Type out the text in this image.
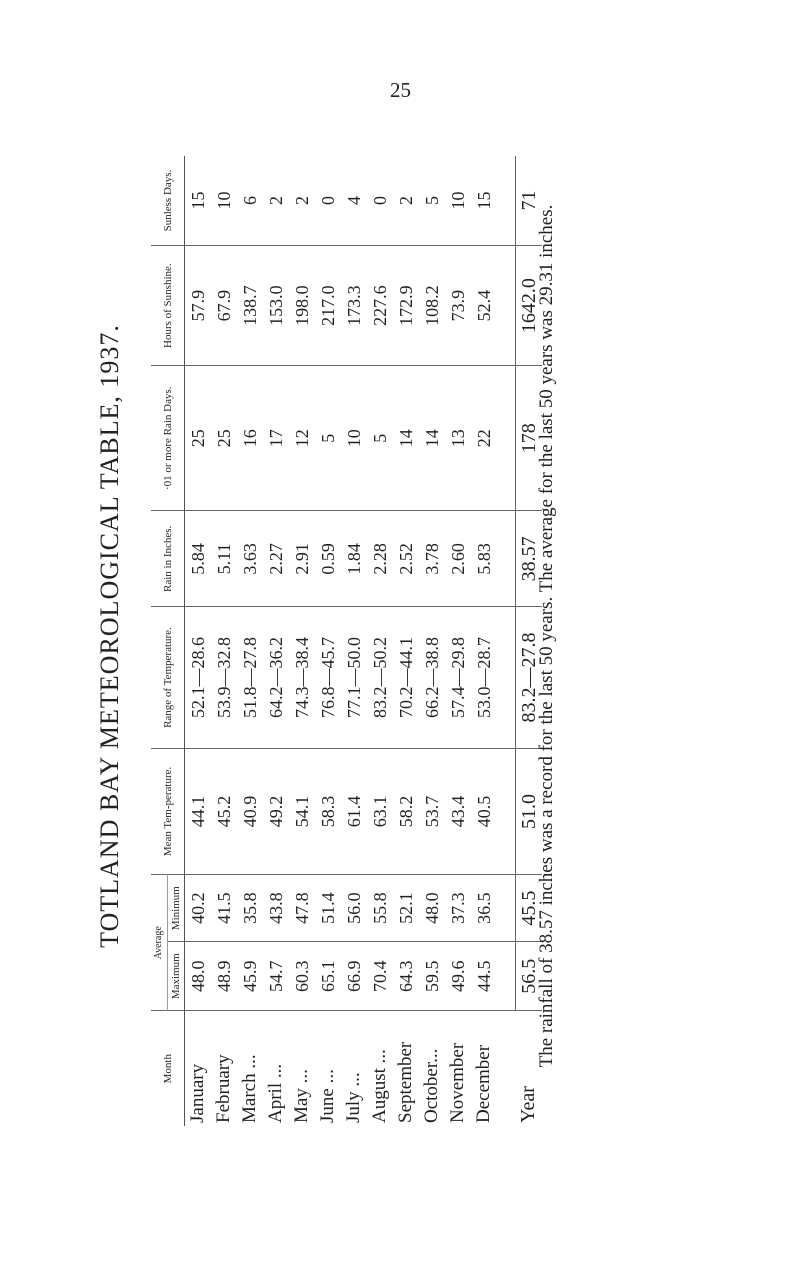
25
TOTLAND BAY METEOROLOGICAL TABLE, 1937.
Month	Average		Mean Tem-perature.	Range of Temperature.	Rain in Inches.	·01 or more Rain Days.	Hours of Sunshine.	Sunless Days.
	Maximum	Minimum						
January	48.0	40.2	44.1	52.1—28.6	5.84	25	57.9	15
February	48.9	41.5	45.2	53.9—32.8	5.11	25	67.9	10
March ...	45.9	35.8	40.9	51.8—27.8	3.63	16	138.7	6
April ...	54.7	43.8	49.2	64.2—36.2	2.27	17	153.0	2
May ...	60.3	47.8	54.1	74.3—38.4	2.91	12	198.0	2
June ...	65.1	51.4	58.3	76.8—45.7	0.59	5	217.0	0
July ...	66.9	56.0	61.4	77.1—50.0	1.84	10	173.3	4
August ...	70.4	55.8	63.1	83.2—50.2	2.28	5	227.6	0
September	64.3	52.1	58.2	70.2—44.1	2.52	14	172.9	2
October...	59.5	48.0	53.7	66.2—38.8	3.78	14	108.2	5
November	49.6	37.3	43.4	57.4—29.8	2.60	13	73.9	10
December	44.5	36.5	40.5	53.0—28.7	5.83	22	52.4	15

Year	56.5	45.5	51.0	83.2—27.8	38.57	178	1642.0	71
The rainfall of 38.57 inches was a record for the last 50 years. The average for the last 50 years was 29.31 inches.
